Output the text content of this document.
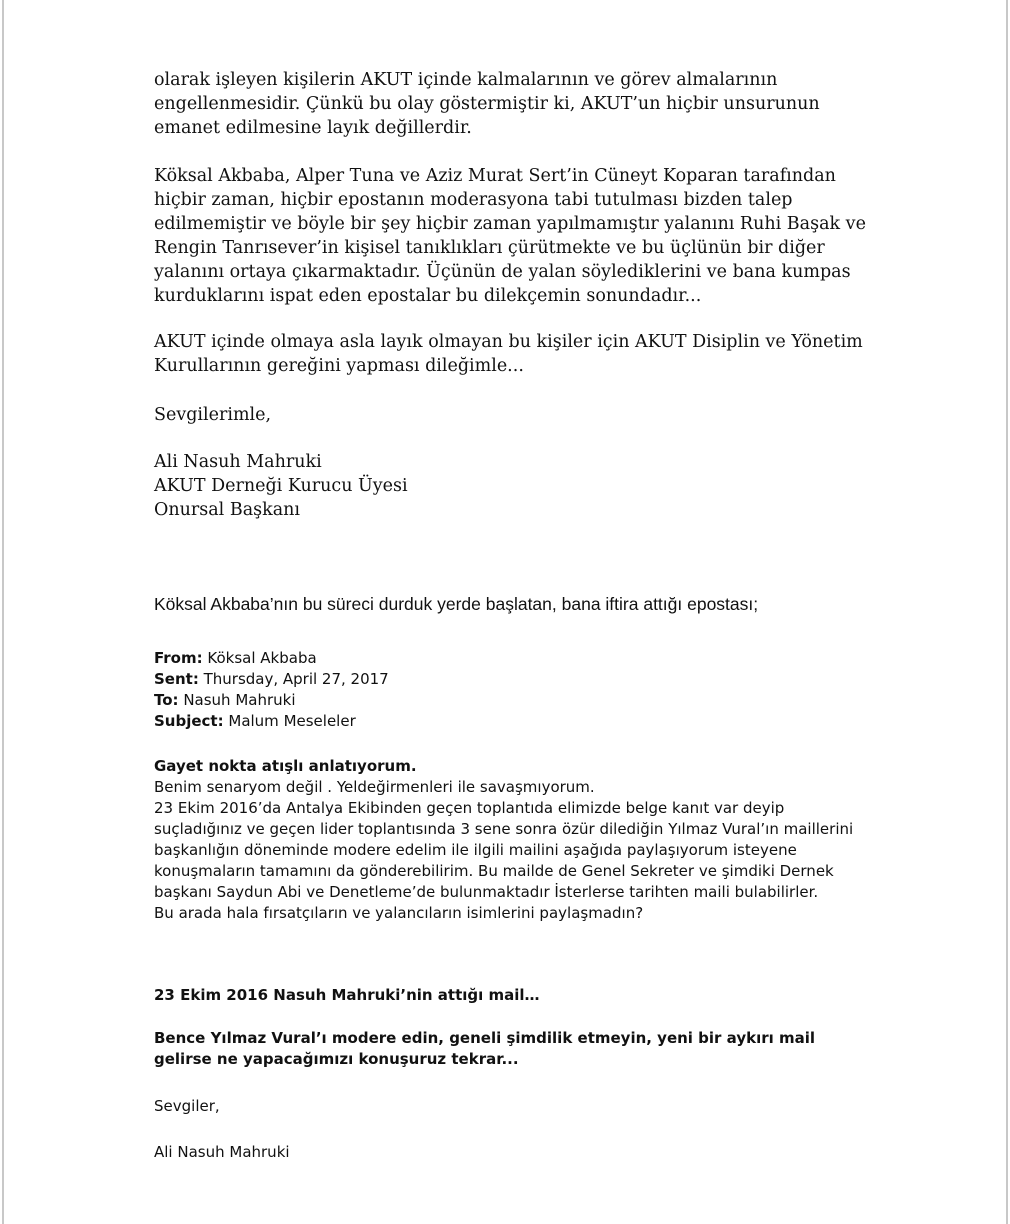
olarak işleyen kişilerin AKUT içinde kalmalarının ve görev almalarının engellenmesidir. Çünkü bu olay göstermiştir ki, AKUT’un hiçbir unsurunun emanet edilmesine layık değillerdir.

Köksal Akbaba, Alper Tuna ve Aziz Murat Sert’in Cüneyt Koparan tarafından hiçbir zaman, hiçbir epostanın moderasyona tabi tutulması bizden talep edilmemiştir ve böyle bir şey hiçbir zaman yapılmamıştır yalanını Ruhi Başak ve Rengin Tanrısever’in kişisel tanıklıkları çürütmekte ve bu üçlünün bir diğer yalanını ortaya çıkarmaktadır. Üçünün de yalan söylediklerini ve bana kumpas kurduklarını ispat eden epostalar bu dilekçemin sonundadır...

AKUT içinde olmaya asla layık olmayan bu kişiler için AKUT Disiplin ve Yönetim Kurullarının gereğini yapması dileğimle...

Sevgilerimle,

Ali Nasuh Mahruki

AKUT Derneği Kurucu Üyesi

Onursal Başkanı

Köksal Akbaba’nın bu süreci durduk yerde başlatan, bana iftira attığı epostası;

From: Köksal Akbaba

Sent: Thursday, April 27, 2017

To: Nasuh Mahruki

Subject: Malum Meseleler

Gayet nokta atışlı anlatıyorum.

Benim senaryom değil . Yeldeğirmenleri ile savaşmıyorum.

23 Ekim 2016’da Antalya Ekibinden geçen toplantıda elimizde belge kanıt var deyip suçladığınız ve geçen lider toplantısında 3 sene sonra özür dilediğin Yılmaz Vural’ın maillerini başkanlığın döneminde modere edelim ile ilgili mailini aşağıda paylaşıyorum isteyene konuşmaların tamamını da gönderebilirim. Bu mailde de Genel Sekreter ve şimdiki Dernek başkanı Saydun Abi ve Denetleme’de bulunmaktadır İsterlerse tarihten maili bulabilirler.

Bu arada hala fırsatçıların ve yalancıların isimlerini paylaşmadın?

23 Ekim 2016 Nasuh Mahruki’nin attığı mail…

Bence Yılmaz Vural’ı modere edin, geneli şimdilik etmeyin, yeni bir aykırı mail gelirse ne yapacağımızı konuşuruz tekrar...

Sevgiler,

Ali Nasuh Mahruki
